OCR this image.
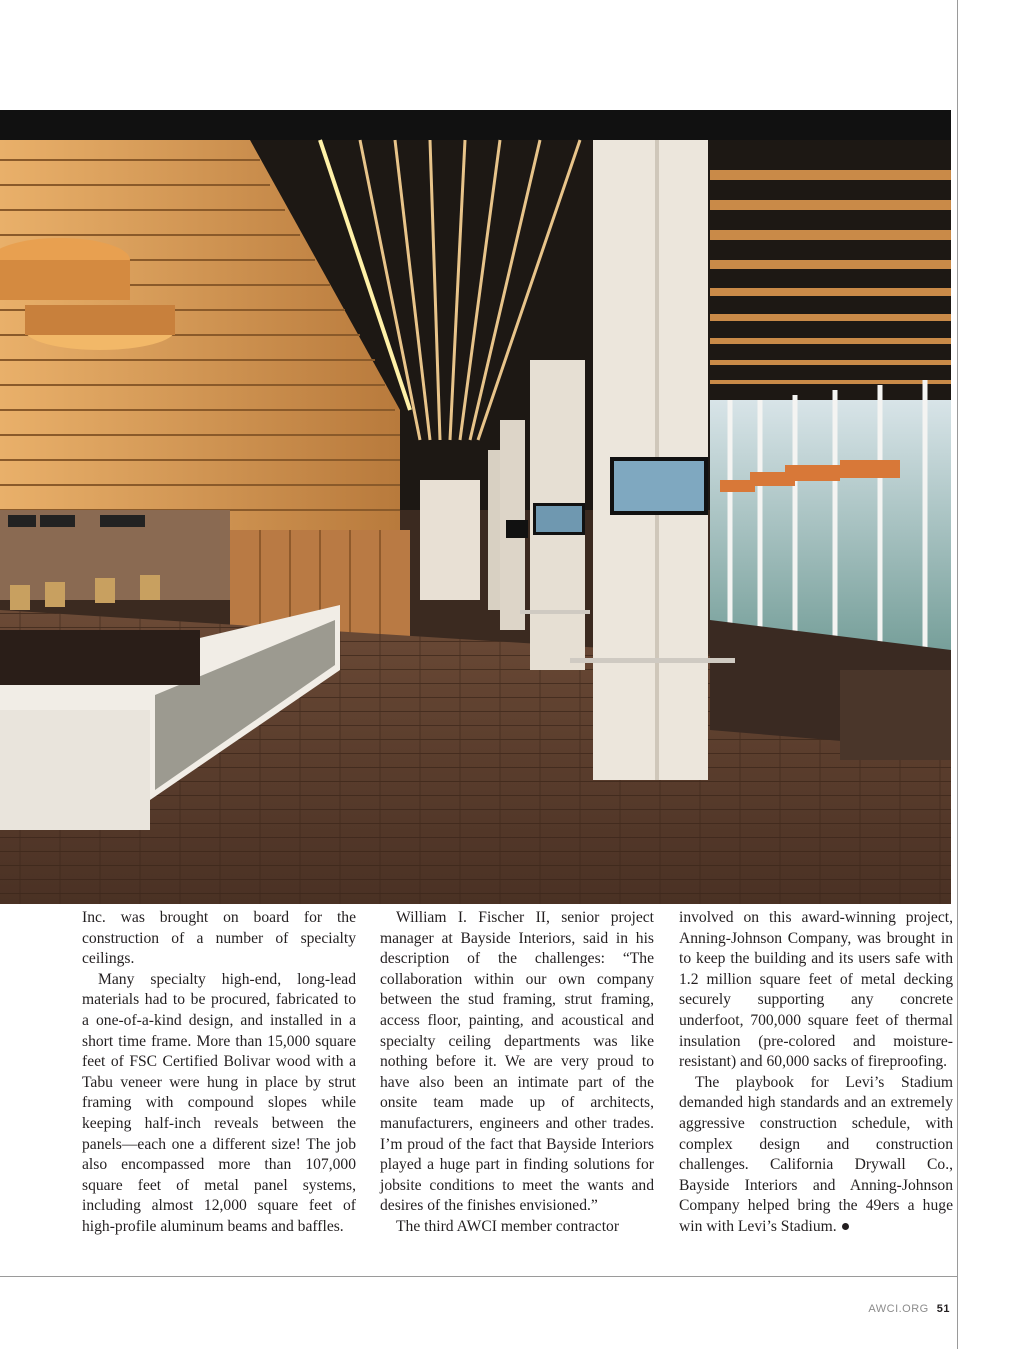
Inc. was brought on board for the construction of a number of specialty ceilings.

Many specialty high-end, long-lead materials had to be procured, fabricated to a one-of-a-kind design, and installed in a short time frame. More than 15,000 square feet of FSC Certified Bolivar wood with a Tabu veneer were hung in place by strut framing with compound slopes while keeping half-inch reveals between the panels—each one a different size! The job also encompassed more than 107,000 square feet of metal panel systems, including almost 12,000 square feet of high-profile aluminum beams and baffles.

William I. Fischer II, senior project manager at Bayside Interiors, said in his description of the challenges: “The collaboration within our own company between the stud framing, strut framing, access floor, painting, and acoustical and specialty ceiling departments was like nothing before it. We are very proud to have also been an intimate part of the onsite team made up of architects, manufacturers, engineers and other trades. I’m proud of the fact that Bayside Interiors played a huge part in finding solutions for jobsite conditions to meet the wants and desires of the finishes envisioned.”

The third AWCI member contractor

involved on this award-winning project, Anning-Johnson Company, was brought in to keep the building and its users safe with 1.2 million square feet of metal decking securely supporting any concrete underfoot, 700,000 square feet of thermal insulation (pre-colored and moisture-resistant) and 60,000 sacks of fireproofing.

The playbook for Levi’s Stadium demanded high standards and an extremely aggressive construction schedule, with complex design and construction challenges. California Drywall Co., Bayside Interiors and Anning-Johnson Company helped bring the 49ers a huge win with Levi’s Stadium.

AWCI.ORG 51
